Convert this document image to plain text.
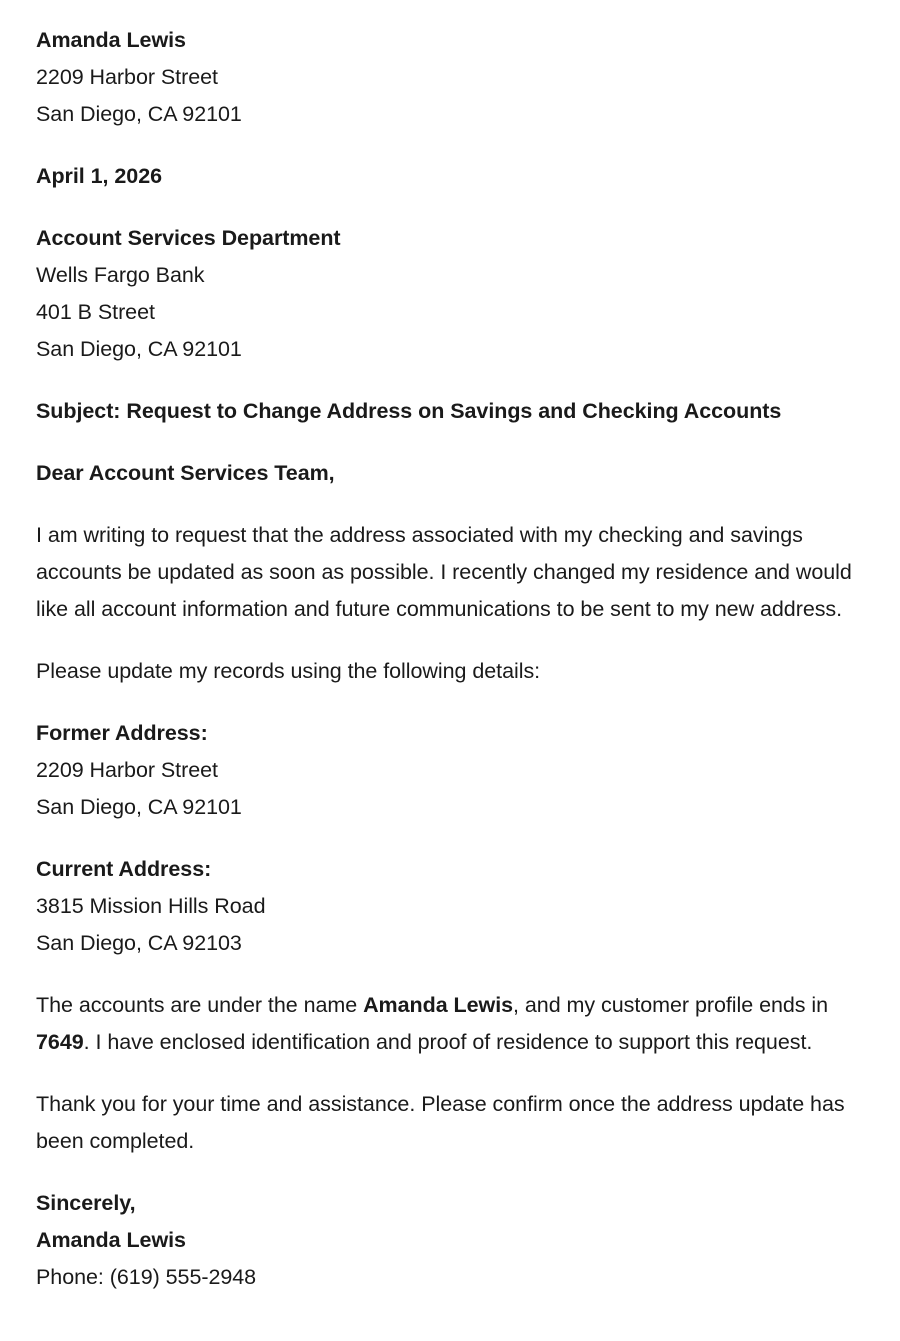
Amanda Lewis
2209 Harbor Street
San Diego, CA 92101
April 1, 2026
Account Services Department
Wells Fargo Bank
401 B Street
San Diego, CA 92101

Subject: Request to Change Address on Savings and Checking Accounts

Dear Account Services Team,

I am writing to request that the address associated with my checking and savings accounts be updated as soon as possible. I recently changed my residence and would like all account information and future communications to be sent to my new address.

Please update my records using the following details:

Former Address:
2209 Harbor Street
San Diego, CA 92101
Current Address:
3815 Mission Hills Road
San Diego, CA 92103

The accounts are under the name Amanda Lewis, and my customer profile ends in 7649. I have enclosed identification and proof of residence to support this request.

Thank you for your time and assistance. Please confirm once the address update has been completed.

Sincerely,
Amanda Lewis
Phone: (619) 555-2948
